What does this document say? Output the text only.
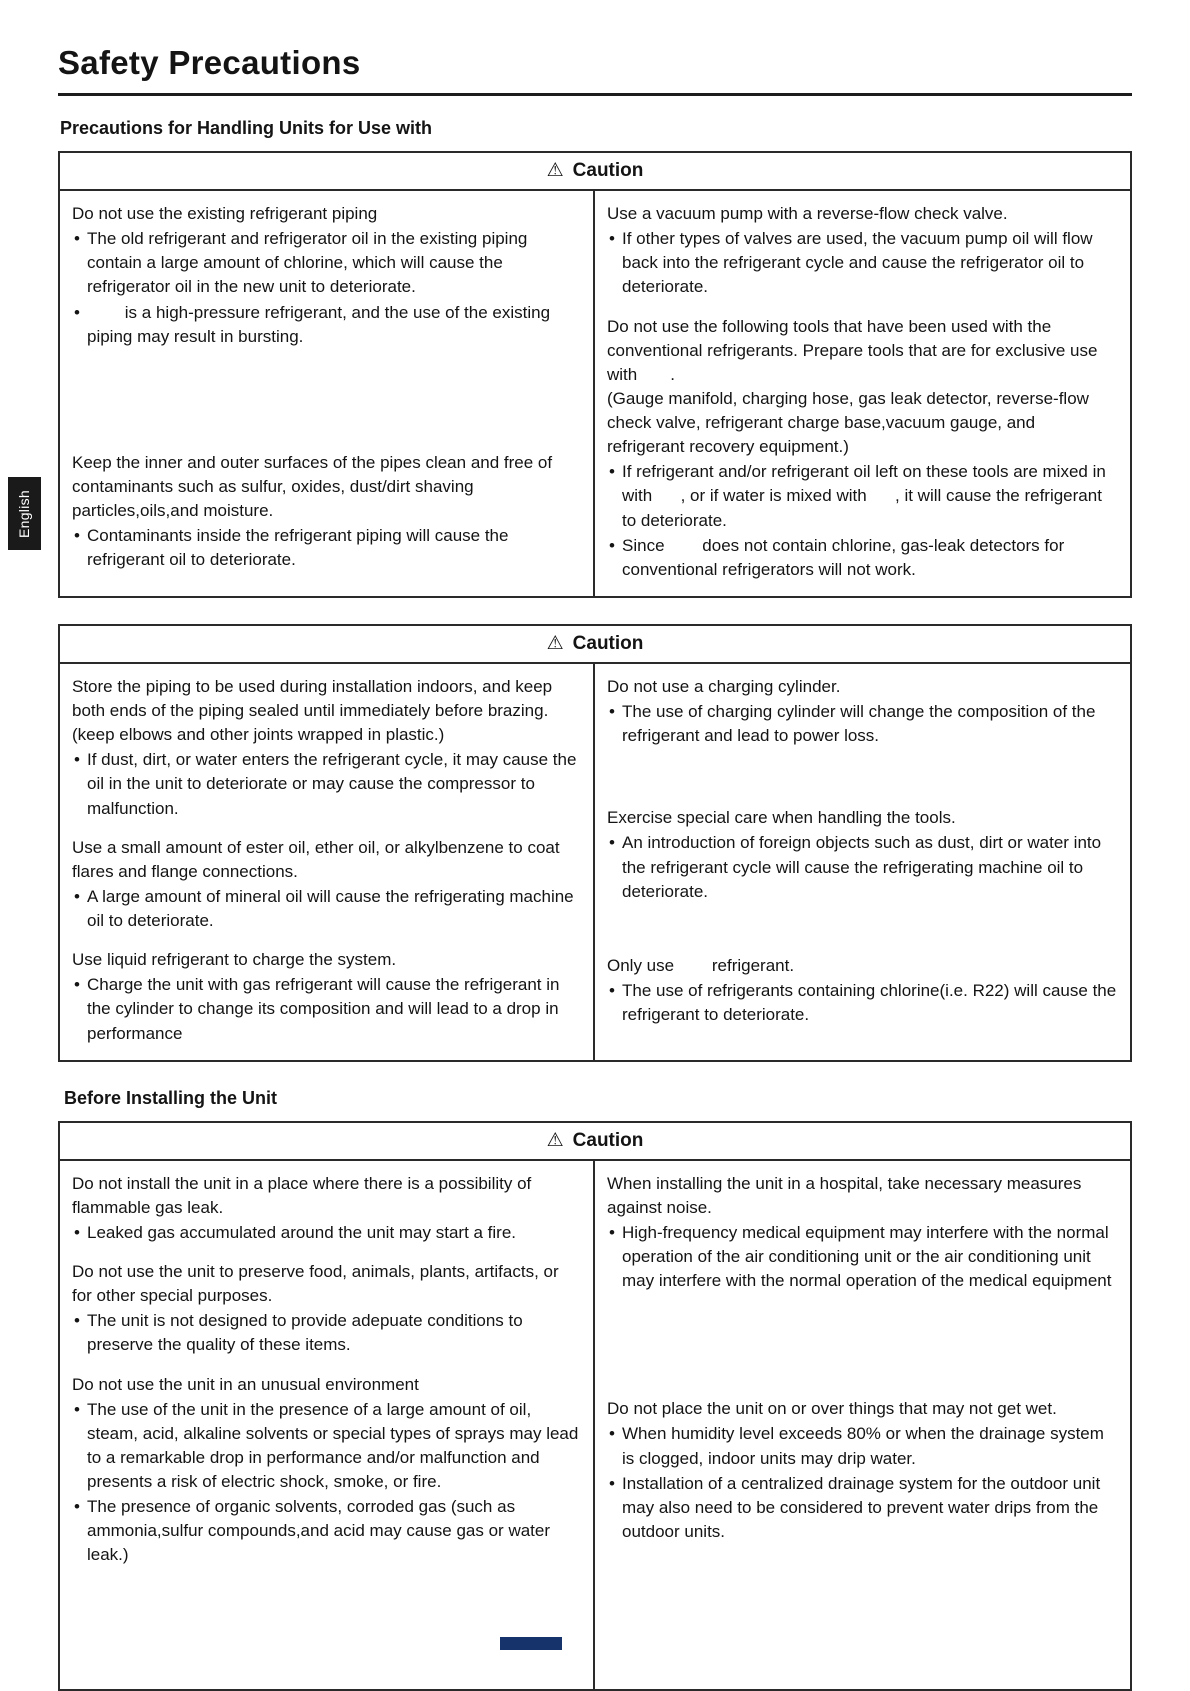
Safety Precautions
Precautions for Handling Units for Use with
⚠ Caution

Do not use the existing refrigerant piping

• The old refrigerant and refrigerator oil in the existing piping contain a large amount of chlorine, which will cause the refrigerator oil in the new unit to deteriorate.
• is a high-pressure refrigerant, and the use of the existing piping may result in bursting.

Keep the inner and outer surfaces of the pipes clean and free of contaminants such as sulfur, oxides, dust/dirt shaving particles,oils,and moisture.

• Contaminants inside the refrigerant piping will cause the refrigerant oil to deteriorate.

Use a vacuum pump with a reverse-flow check valve.

• If other types of valves are used, the vacuum pump oil will flow back into the refrigerant cycle and cause the refrigerator oil to deteriorate.

Do not use the following tools that have been used with the conventional refrigerants. Prepare tools that are for exclusive use with       .

(Gauge manifold, charging hose, gas leak detector, reverse-flow check valve, refrigerant charge base,vacuum gauge, and refrigerant recovery equipment.)

• If refrigerant and/or refrigerant oil left on these tools are mixed in with      , or if water is mixed with      , it will cause the refrigerant to deteriorate.
• Since        does not contain chlorine, gas-leak detectors for conventional refrigerators will not work.
⚠ Caution

Store the piping to be used during installation indoors, and keep both ends of the piping sealed until immediately before brazing.(keep elbows and other joints wrapped in plastic.)

• If dust, dirt, or water enters the refrigerant cycle, it may cause the oil in the unit to deteriorate or may cause the compressor to malfunction.

Use a small amount of ester oil, ether oil, or alkylbenzene to coat flares and flange connections.

• A large amount of mineral oil will cause the refrigerating machine oil to deteriorate.

Use liquid refrigerant to charge the system.

• Charge the unit with gas refrigerant will cause the refrigerant in the cylinder to change its composition and will lead to a drop in performance

Do not use a charging cylinder.

• The use of charging cylinder will change the composition of the refrigerant and lead to power loss.

Exercise special care when handling the tools.

• An introduction of foreign objects such as dust, dirt or water into the refrigerant cycle will cause the refrigerating machine oil to deteriorate.

Only use        refrigerant.

• The use of refrigerants containing chlorine(i.e. R22) will cause the refrigerant to deteriorate.
Before Installing the Unit
⚠ Caution

Do not install the unit in a place where there is a possibility of flammable gas leak.

• Leaked gas accumulated around the unit may start a fire.

Do not use the unit to preserve food, animals, plants, artifacts, or for other special purposes.

• The unit is not designed to provide adepuate conditions to preserve the quality of these items.

Do not use the unit in an unusual environment

• The use of the unit in the presence of a large amount of oil, steam, acid, alkaline solvents or special types of sprays may lead to a remarkable drop in performance and/or malfunction and presents a risk of electric shock, smoke, or fire.
• The presence of organic solvents, corroded gas (such as ammonia,sulfur compounds,and acid may cause gas or water leak.)

When installing the unit in a hospital, take necessary measures against noise.

• High-frequency medical equipment may interfere with the normal operation of the air conditioning unit or the air conditioning unit may interfere with the normal operation of the medical equipment

Do not place the unit on or over things that may not get wet.

• When humidity level exceeds 80% or when the drainage system is clogged, indoor units may drip water.
• Installation of a centralized drainage system for the outdoor unit may also need to be considered to prevent water drips from the outdoor units.
English
